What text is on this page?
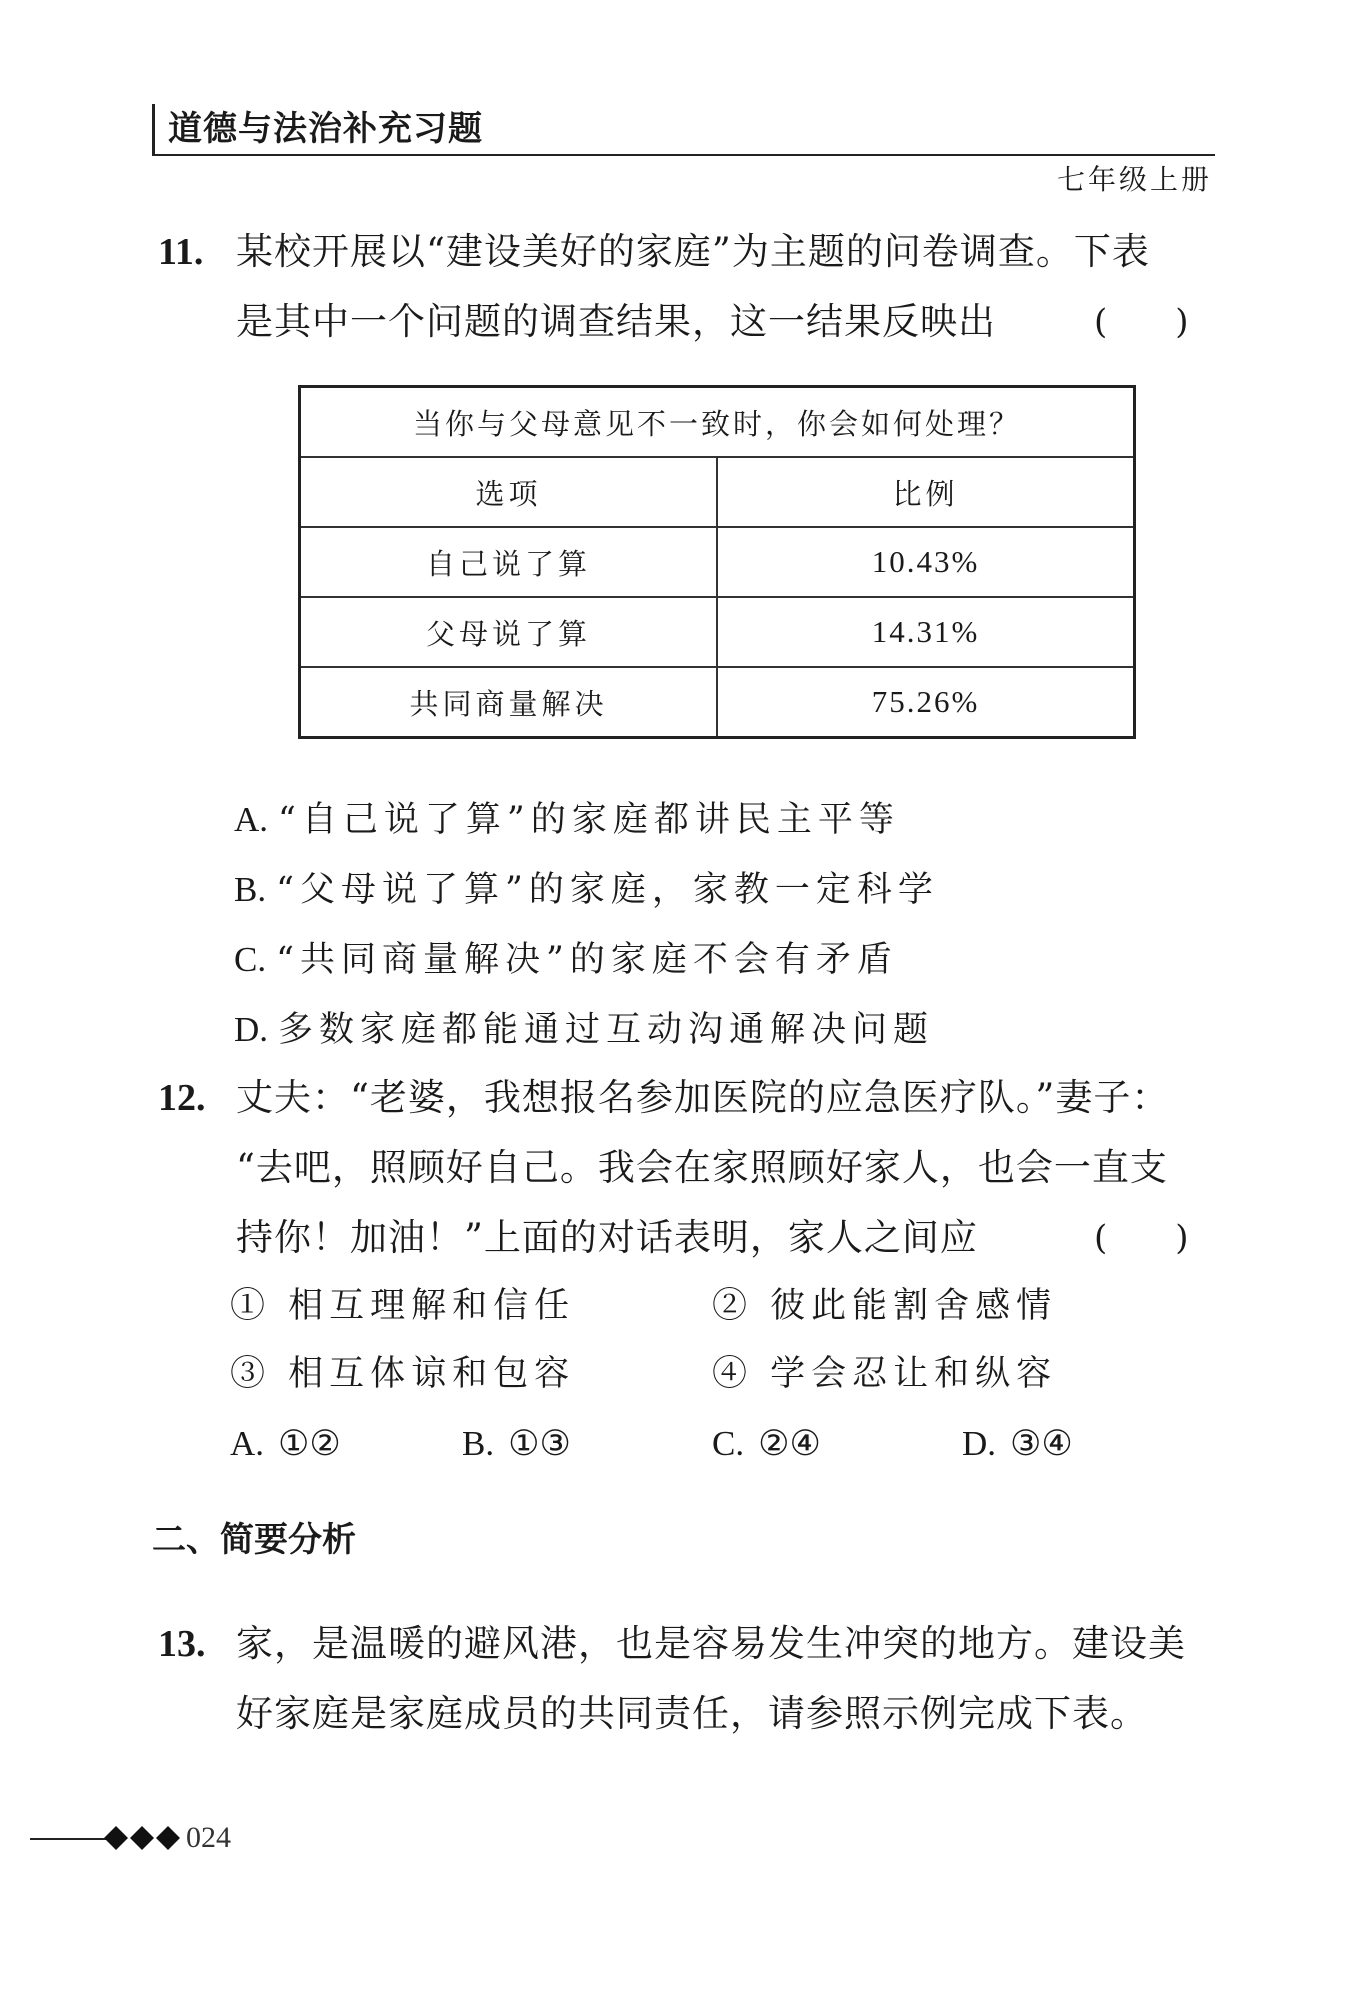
道德与法治补充习题
七年级上册
11. 某校开展以“建设美好的家庭”为主题的问卷调查。下表
是其中一个问题的调查结果，这一结果反映出	(　　)
当你与父母意见不一致时，你会如何处理？	
选项	比例
自己说了算	10.43%
父母说了算	14.31%
共同商量解决	75.26%
A. “自己说了算”的家庭都讲民主平等
B. “父母说了算”的家庭，家教一定科学
C. “共同商量解决”的家庭不会有矛盾
D. 多数家庭都能通过互动沟通解决问题
12. 丈夫：“老婆，我想报名参加医院的应急医疗队。”妻子：
“去吧，照顾好自己。我会在家照顾好家人，也会一直支
持你！加油！”上面的对话表明，家人之间应	(　　)
① 相互理解和信任	② 彼此能割舍感情
③ 相互体谅和包容	④ 学会忍让和纵容
A. ①②	B. ①③	C. ②④	D. ③④
二、简要分析
13. 家，是温暖的避风港，也是容易发生冲突的地方。建设美
好家庭是家庭成员的共同责任，请参照示例完成下表。
024
